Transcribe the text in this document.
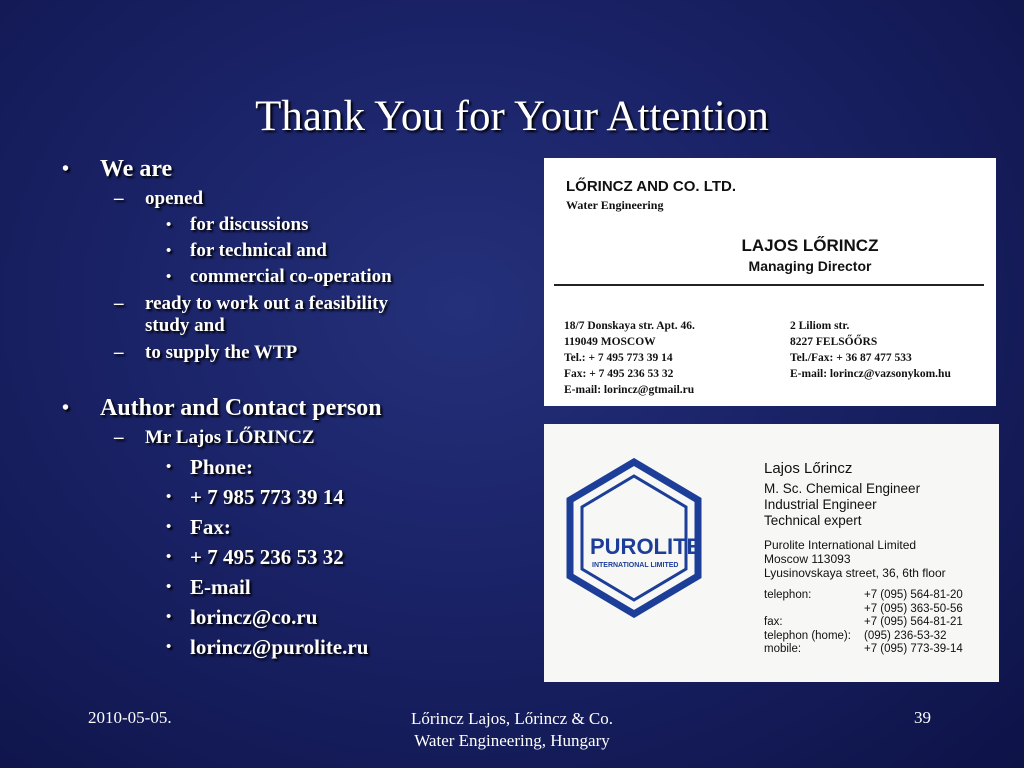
Thank You for Your Attention

• We are

– opened

• for discussions

• for technical and

• commercial co-operation

– ready to work out a feasibility
study and

– to supply the WTP

• Author and Contact person

– Mr Lajos LŐRINCZ

• Phone:

• + 7 985 773 39 14

• Fax:

• + 7 495 236 53 32

• E-mail

• lorincz@co.ru

• lorincz@purolite.ru

LŐRINCZ AND CO. LTD.
Water Engineering
LAJOS LŐRINCZ
Managing Director
18/7 Donskaya str. Apt. 46.
119049 MOSCOW
Tel.: + 7 495 773 39 14
Fax: + 7 495 236 53 32
E-mail: lorincz@gtmail.ru
2 Liliom str.
8227 FELSŐŐRS
Tel./Fax: + 36 87 477 533
E-mail: lorincz@vazsonykom.hu
PUROLITE
INTERNATIONAL LIMITED
Lajos Lőrincz
M. Sc. Chemical Engineer
Industrial Engineer
Technical expert
Purolite International Limited
Moscow 113093
Lyusinovskaya street, 36, 6th floor
telephon:	+7 (095) 564-81-20
+7 (095) 363-50-56
fax:	+7 (095) 564-81-21
telephon (home):	(095) 236-53-32
mobile:	+7 (095) 773-39-14
2010-05-05.	Lőrincz Lajos, Lőrincz & Co.
Water Engineering, Hungary
39
